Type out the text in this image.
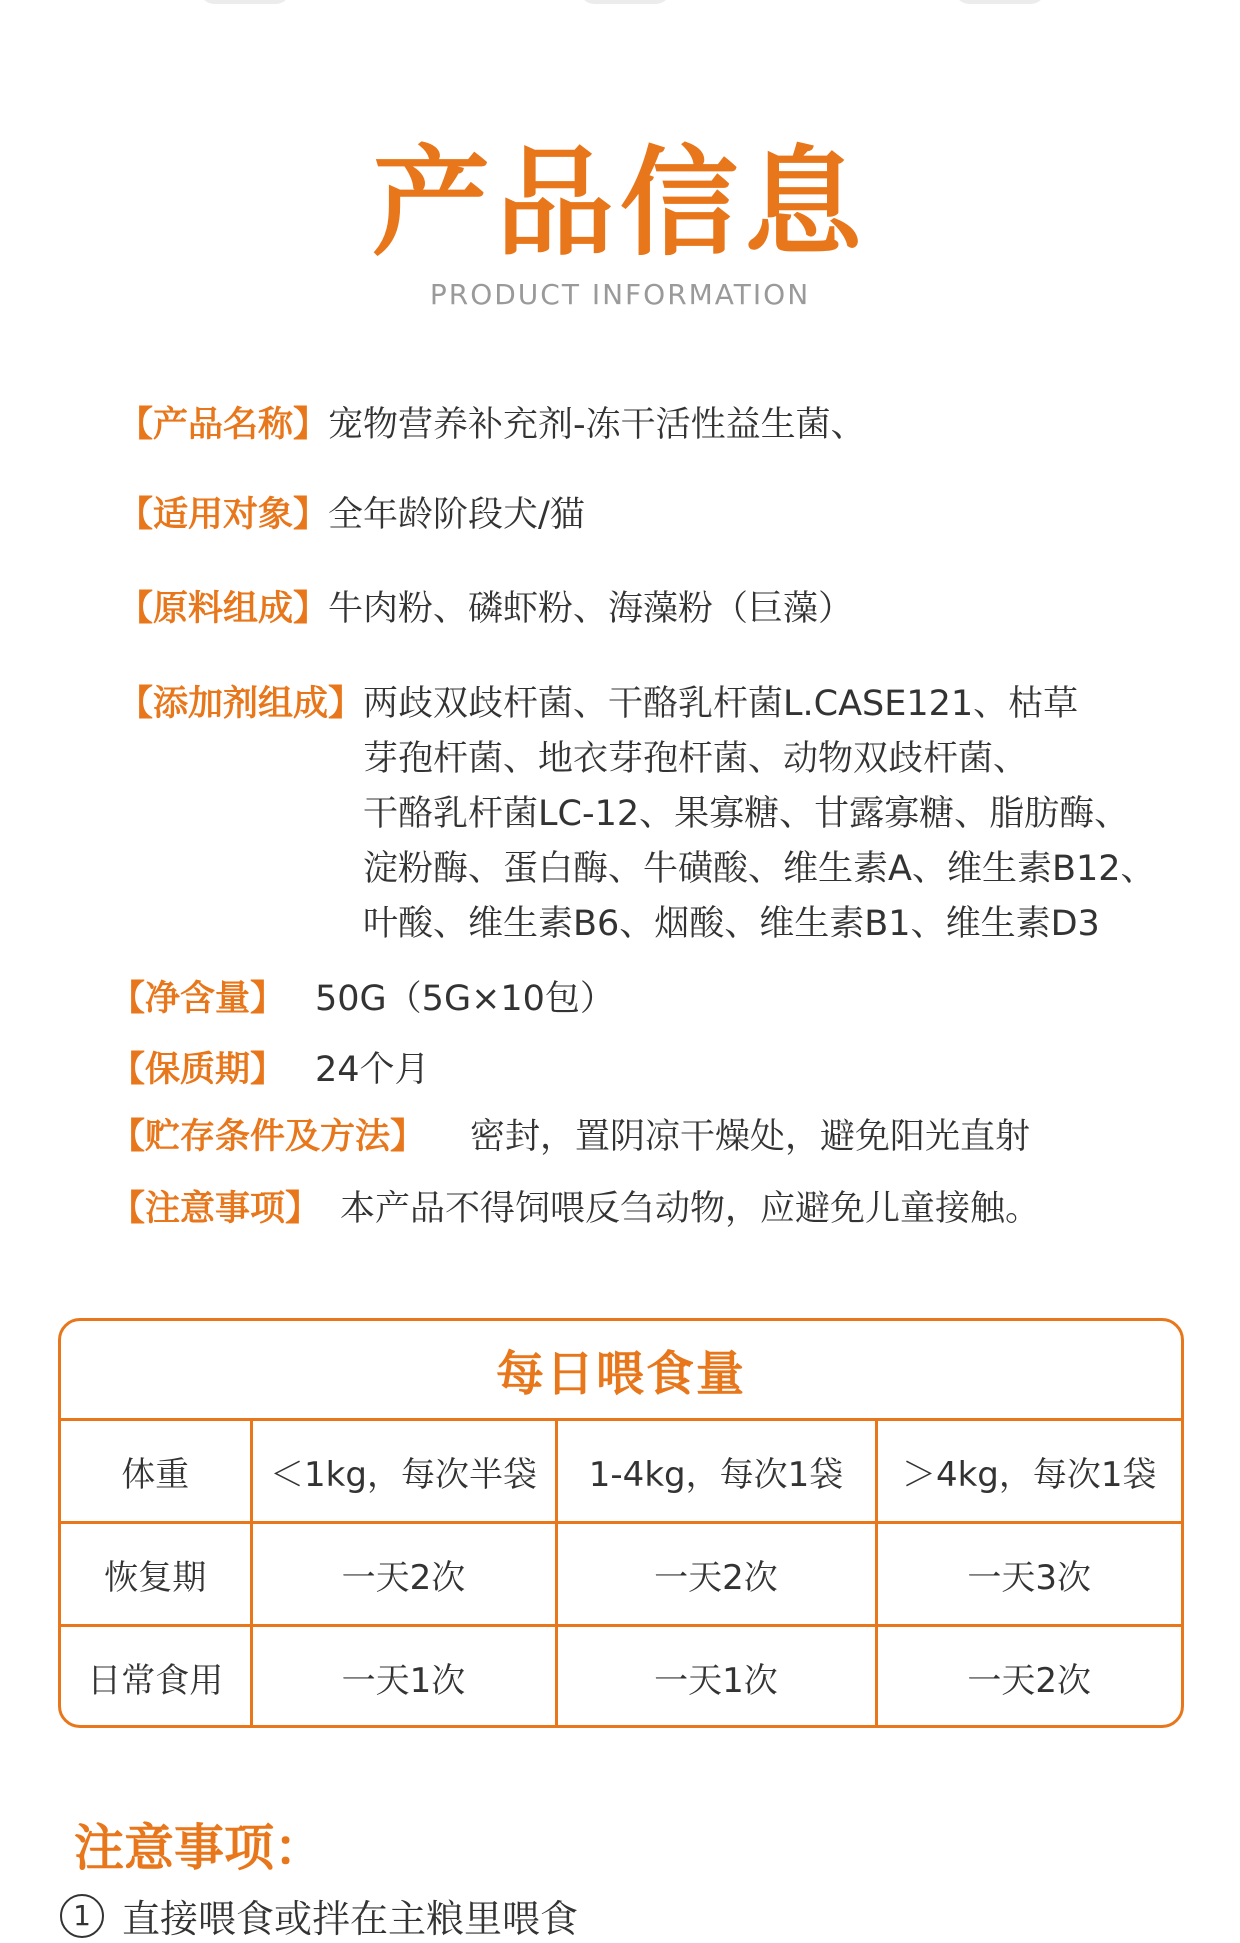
产品信息
PRODUCT INFORMATION
【产品名称】 宠物营养补充剂-冻干活性益生菌、
【适用对象】 全年龄阶段犬/猫
【原料组成】 牛肉粉、磷虾粉、海藻粉（巨藻）
【添加剂组成】 两歧双歧杆菌、干酪乳杆菌L.CASE121、枯草
芽孢杆菌、地衣芽孢杆菌、动物双歧杆菌、
干酪乳杆菌LC-12、果寡糖、甘露寡糖、脂肪酶、
淀粉酶、蛋白酶、牛磺酸、维生素A、维生素B12、
叶酸、维生素B6、烟酸、维生素B1、维生素D3
【净含量】 50G（5G×10包）
【保质期】 24个月
【贮存条件及方法】 密封，置阴凉干燥处，避免阳光直射
【注意事项】 本产品不得饲喂反刍动物，应避免儿童接触。
每日喂食量
体重	＜1kg，每次半袋	1-4kg，每次1袋	＞4kg，每次1袋
恢复期	一天2次	一天2次	一天3次
日常食用	一天1次	一天1次	一天2次
注意事项：
1 直接喂食或拌在主粮里喂食
